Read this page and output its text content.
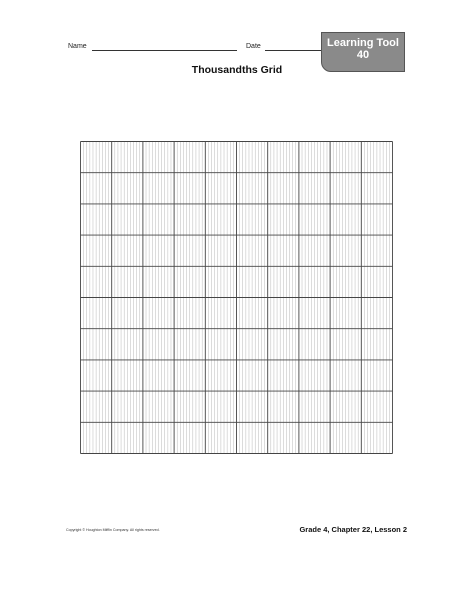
Name	Date	Learning Tool
40
Thousandths Grid
Copyright © Houghton Mifflin Company. All rights reserved.	Grade 4, Chapter 22, Lesson 2
